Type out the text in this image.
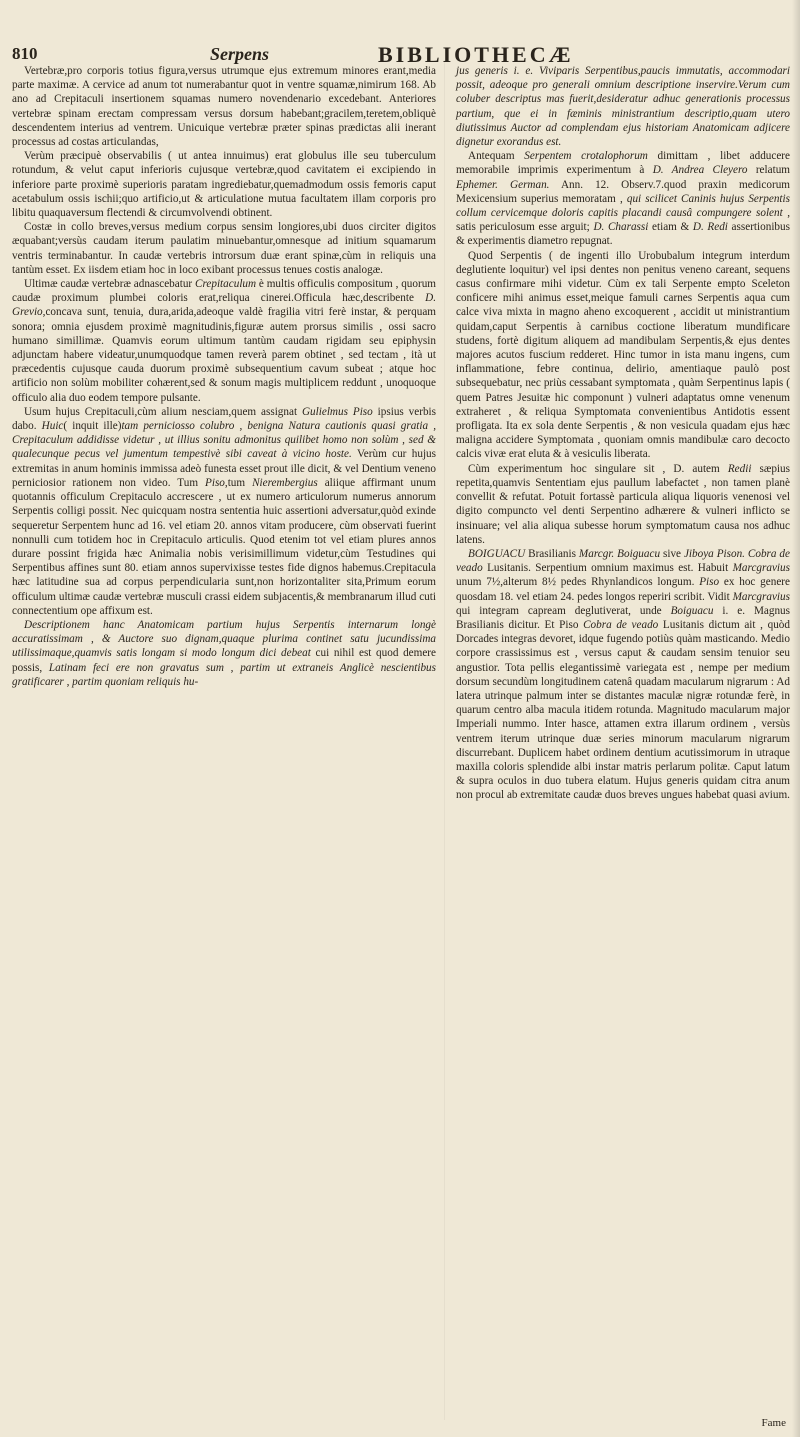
810	Serpens	BIBLIOTHECÆ

Vertebræ,pro corporis totius figura,versus utrumque ejus extremum minores erant,media parte maximæ. A cervice ad anum tot numerabantur quot in ventre squamæ,nimirum 168. Ab ano ad Crepitaculi insertionem squamas numero novendenario excedebant. Anteriores vertebræ spinam erectam compressam versus dorsum habebant;gracilem,teretem,obliquè descendentem interius ad ventrem. Unicuique vertebræ præter spinas prædictas alii inerant processus ad costas articulandas,

Verùm præcipuè observabilis ( ut antea innuimus) erat globulus ille seu tuberculum rotundum, & velut caput inferioris cujusque vertebræ,quod cavitatem ei excipiendo in inferiore parte proximè superioris paratam ingrediebatur,quemadmodum ossis femoris caput acetabulum ossis ischii;quo artificio,ut & articulatione mutua facultatem illam corporis pro libitu quaquaversum flectendi & circumvolvendi obtinent.

Costæ in collo breves,versus medium corpus sensim longiores,ubi duos circiter digitos æquabant;versùs caudam iterum paulatim minuebantur,omnesque ad initium squamarum ventris terminabantur. In caudæ vertebris introrsum duæ erant spinæ,cùm in reliquis una tantùm esset. Ex iisdem etiam hoc in loco exibant processus tenues costis analogæ.

Ultimæ caudæ vertebræ adnascebatur Crepitaculum è multis officulis compositum , quorum caudæ proximum plumbei coloris erat,reliqua cinerei.Officula hæc,describente D. Grevio,concava sunt, tenuia, dura,arida,adeoque valdè fragilia vitri ferè instar, & perquam sonora; omnia ejusdem proximè magnitudinis,figuræ autem prorsus similis , ossi sacro humano simillimæ. Quamvis eorum ultimum tantùm caudam rigidam seu epiphysin adjunctam habere videatur,unumquodque tamen reverà parem obtinet , sed tectam , ità ut præcedentis cujusque cauda duorum proximè subsequentium cavum subeat ; atque hoc artificio non solùm mobiliter cohærent,sed & sonum magis multiplicem reddunt , unoquoque officulo alia duo eodem tempore pulsante.

Usum hujus Crepitaculi,cùm alium nesciam,quem assignat Gulielmus Piso ipsius verbis dabo. Huic( inquit ille)tam perniciosso colubro , benigna Natura cautionis quasi gratia , Crepitaculum addidisse videtur , ut illius sonitu admonitus quilibet homo non solùm , sed & qualecunque pecus vel jumentum tempestivè sibi caveat à vicino hoste. Verùm cur hujus extremitas in anum hominis immissa adeò funesta esset prout ille dicit, & vel Dentium veneno perniciosior rationem non video. Tum Piso,tum Nierembergius aliique affirmant unum quotannis officulum Crepitaculo accrescere , ut ex numero articulorum numerus annorum Serpentis colligi possit. Nec quicquam nostra sententia huic assertioni adversatur,quòd exinde sequeretur Serpentem hunc ad 16. vel etiam 20. annos vitam producere, cùm observati fuerint nonnulli cum totidem hoc in Crepitaculo articulis. Quod etenim tot vel etiam plures annos durare possint frigida hæc Animalia nobis verisimillimum videtur,cùm Testudines qui Serpentibus affines sunt 80. etiam annos supervixisse testes fide dignos habemus.Crepitacula hæc latitudine sua ad corpus perpendicularia sunt,non horizontaliter sita,Primum eorum officulum ultimæ caudæ vertebræ musculi crassi eidem subjacentis,& membranarum illud cuti connectentium ope affixum est.

Descriptionem hanc Anatomicam partium hujus Serpentis internarum longè accuratissimam , & Auctore suo dignam,quaque plurima continet satu jucundissima utilissimaque,quamvis satis longam si modo longum dici debeat cui nihil est quod demere possis, Latinam feci ere non gravatus sum , partim ut extraneis Anglicè nescientibus gratificarer , partim quoniam reliquis hu-

jus generis i. e. Viviparis Serpentibus,paucis immutatis, accommodari possit, adeoque pro generali omnium descriptione inservire.Verum cum coluber descriptus mas fuerit,desideratur adhuc generationis processus partium, que ei in fæminis ministrantium descriptio,quam utero diutissimus Auctor ad complendam ejus historiam Anatomicam adjicere dignetur exorandus est.

Antequam Serpentem crotalophorum dimittam , libet adducere memorabile imprimis experimentum à D. Andrea Cleyero relatum Ephemer. German. Ann. 12. Observ.7.quod praxin medicorum Mexicensium superius memoratam , qui scilicet Caninis hujus Serpentis collum cervicemque doloris capitis placandi causâ compungere solent , satis periculosum esse arguit; D. Charassi etiam & D. Redi assertionibus & experimentis diametro repugnat.

Quod Serpentis ( de ingenti illo Urobubalum integrum interdum deglutiente loquitur) vel ipsi dentes non penitus veneno careant, sequens casus confirmare mihi videtur. Cùm ex tali Serpente empto Sceleton conficere mihi animus esset,meique famuli carnes Serpentis aqua cum calce viva mixta in magno aheno excoquerent , accidit ut ministrantium quidam,caput Serpentis à carnibus coctione liberatum mundificare studens, fortè digitum aliquem ad mandibulam Serpentis,& ejus dentes majores acutos fuscium redderet. Hinc tumor in ista manu ingens, cum inflammatione, febre continua, delirio, amentiaque paulò post subsequebatur, nec priùs cessabant symptomata , quàm Serpentinus lapis ( quem Patres Jesuitæ hic componunt ) vulneri adaptatus omne venenum extraheret , & reliqua Symptomata convenientibus Antidotis essent profligata. Ita ex sola dente Serpentis , & non vesicula quadam ejus hæc maligna accidere Symptomata , quoniam omnis mandibulæ caro decocto calcis vivæ erat eluta & à vesiculis liberata.

Cùm experimentum hoc singulare sit , D. autem Redii sæpius repetita,quamvis Sententiam ejus paullum labefactet , non tamen planè convellit & refutat. Potuit fortassè particula aliqua liquoris venenosi vel digito compuncto vel denti Serpentino adhærere & vulneri inflicto se insinuare; vel alia aliqua subesse horum symptomatum causa nos adhuc latens.

BOIGUACU Brasilianis Marcgr. Boiguacu sive Jiboya Pison. Cobra de veado Lusitanis. Serpentium omnium maximus est. Habuit Marcgravius unum 7½,alterum 8½ pedes Rhynlandicos longum. Piso ex hoc genere quosdam 18. vel etiam 24. pedes longos reperiri scribit. Vidit Marcgravius qui integram capream deglutiverat, unde Boiguacu i. e. Magnus Brasilianis dicitur. Et Piso Cobra de veado Lusitanis dictum ait , quòd Dorcades integras devoret, idque fugendo potiùs quàm masticando. Medio corpore crassissimus est , versus caput & caudam sensim tenuior seu angustior. Tota pellis elegantissimè variegata est , nempe per medium dorsum secundùm longitudinem catenâ quadam macularum nigrarum : Ad latera utrinque palmum inter se distantes maculæ nigræ rotundæ ferè, in quarum centro alba macula itidem rotunda. Magnitudo macularum major Imperiali nummo. Inter hasce, attamen extra illarum ordinem , versùs ventrem iterum utrinque duæ series minorum macularum nigrarum discurrebant. Duplicem habet ordinem dentium acutissimorum in utraque maxilla coloris splendide albi instar matris perlarum politæ. Caput latum & supra oculos in duo tubera elatum. Hujus generis quidam citra anum non procul ab extremitate caudæ duos breves ungues habebat quasi avium.

Fame
